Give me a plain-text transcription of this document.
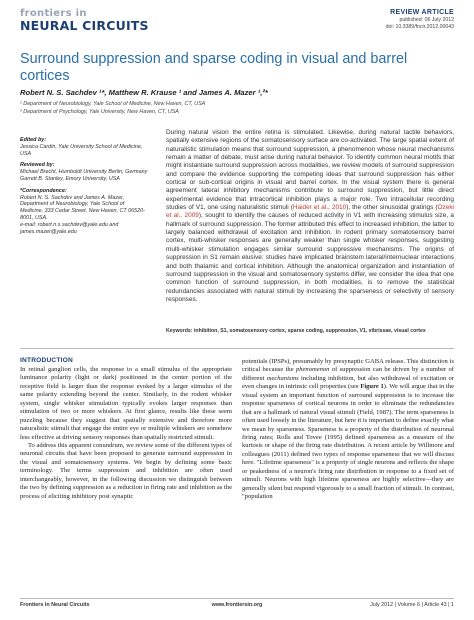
frontiers in
NEURAL CIRCUITS
REVIEW ARTICLE
published: 06 July 2012
doi: 10.3389/fncir.2012.00043
Surround suppression and sparse coding in visual and barrel cortices
Robert N. S. Sachdev ¹*, Matthew R. Krause ¹ and James A. Mazer ¹,²*
¹ Department of Neurobiology, Yale School of Medicine, New Haven, CT, USA
² Department of Psychology, Yale University, New Haven, CT, USA
Edited by:
Jessica Cardin, Yale University School of Medicine, USA
Reviewed by:
Michael Brecht, Humboldt University Berlin, Germany
Garrett B. Stanley, Emory University, USA
*Correspondence:
Robert N. S. Sachdev and James A. Mazer, Department of Neurobiology, Yale School of Medicine, 333 Cedar Street, New Haven, CT 06520-8001, USA.
e-mail: robert.n.s.sachdev@yale.edu and james.mazer@yale.edu
During natural vision the entire retina is stimulated. Likewise, during natural tactile behaviors, spatially extensive regions of the somatosensory surface are co-activated. The large spatial extent of naturalistic stimulation means that surround suppression, a phenomenon whose neural mechanisms remain a matter of debate, must arise during natural behavior. To identify common neural motifs that might instantiate surround suppression across modalities, we review models of surround suppression and compare the evidence supporting the competing ideas that surround suppression has either cortical or sub-cortical origins in visual and barrel cortex. In the visual system there is general agreement lateral inhibitory mechanisms contribute to surround suppression, but little direct experimental evidence that intracortical inhibition plays a major role. Two intracellular recording studies of V1, one using naturalistic stimuli (Haider et al., 2010), the other sinusoidal gratings (Ozeki et al., 2009), sought to identify the causes of reduced activity in V1 with increasing stimulus size, a hallmark of surround suppression. The former attributed this effect to increased inhibition, the latter to largely balanced withdrawal of excitation and inhibition. In rodent primary somatosensory barrel cortex, multi-whisker responses are generally weaker than single whisker responses, suggesting multi-whisker stimulation engages similar surround suppressive mechanisms. The origins of suppression in S1 remain elusive: studies have implicated brainstem lateral/internuclear interactions and both thalamic and cortical inhibition. Although the anatomical organization and instantiation of surround suppression in the visual and somatosensory systems differ, we consider the idea that one common function of surround suppression, in both modalities, is to remove the statistical redundancies associated with natural stimuli by increasing the sparseness or selectivity of sensory responses.
Keywords: inhibition, S1, somatosensory cortex, sparse coding, suppression, V1, vibrissae, visual cortex
INTRODUCTION

In retinal ganglion cells, the response to a small stimulus of the appropriate luminance polarity (light or dark) positioned in the center portion of the receptive field is larger than the response evoked by a larger stimulus of the same polarity extending beyond the center. Similarly, in the rodent whisker system, single whisker stimulation typically evokes larger responses than stimulation of two or more whiskers. At first glance, results like these seem puzzling because they suggest that spatially extensive and therefore more naturalistic stimuli that engage the entire eye or multiple whiskers are somehow less effective at driving sensory responses than spatially restricted stimuli.

To address this apparent conundrum, we review some of the different types of neuronal circuits that have been proposed to generate surround suppression in the visual and somatosensory systems. We begin by defining some basic terminology. The terms suppression and inhibition are often used interchangeably, however, in the following discussion we distinguish between the two by defining suppression as a reduction in firing rate and inhibition as the process of eliciting inhibitory post synaptic

potentials (IPSPs), presumably by presynaptic GABA release. This distinction is critical because the phenomenon of suppression can be driven by a number of different mechanisms including inhibition, but also withdrawal of excitation or even changes in intrinsic cell properties (see Figure 1). We will argue that in the visual system an important function of surround suppression is to increase the response sparseness of cortical neurons in order to eliminate the redundancies that are a hallmark of natural visual stimuli (Field, 1987). The term sparseness is often used loosely in the literature, but here it is important to define exactly what we mean by sparseness. Sparseness is a property of the distribution of neuronal firing rates; Rolls and Tovee (1995) defined sparseness as a measure of the kurtosis or shape of the firing rate distribution. A recent article by Willmore and colleagues (2011) defined two types of response sparseness that we will discuss here. "Lifetime sparseness" is a property of single neurons and reflects the shape or peakedness of a neuron's firing rate distribution in response to a fixed set of stimuli. Neurons with high lifetime sparseness are highly selective—they are generally silent but respond vigorously to a small fraction of stimuli. In contrast, "population
Frontiers in Neural Circuits	www.frontiersin.org	July 2012 | Volume 6 | Article 43 | 1
